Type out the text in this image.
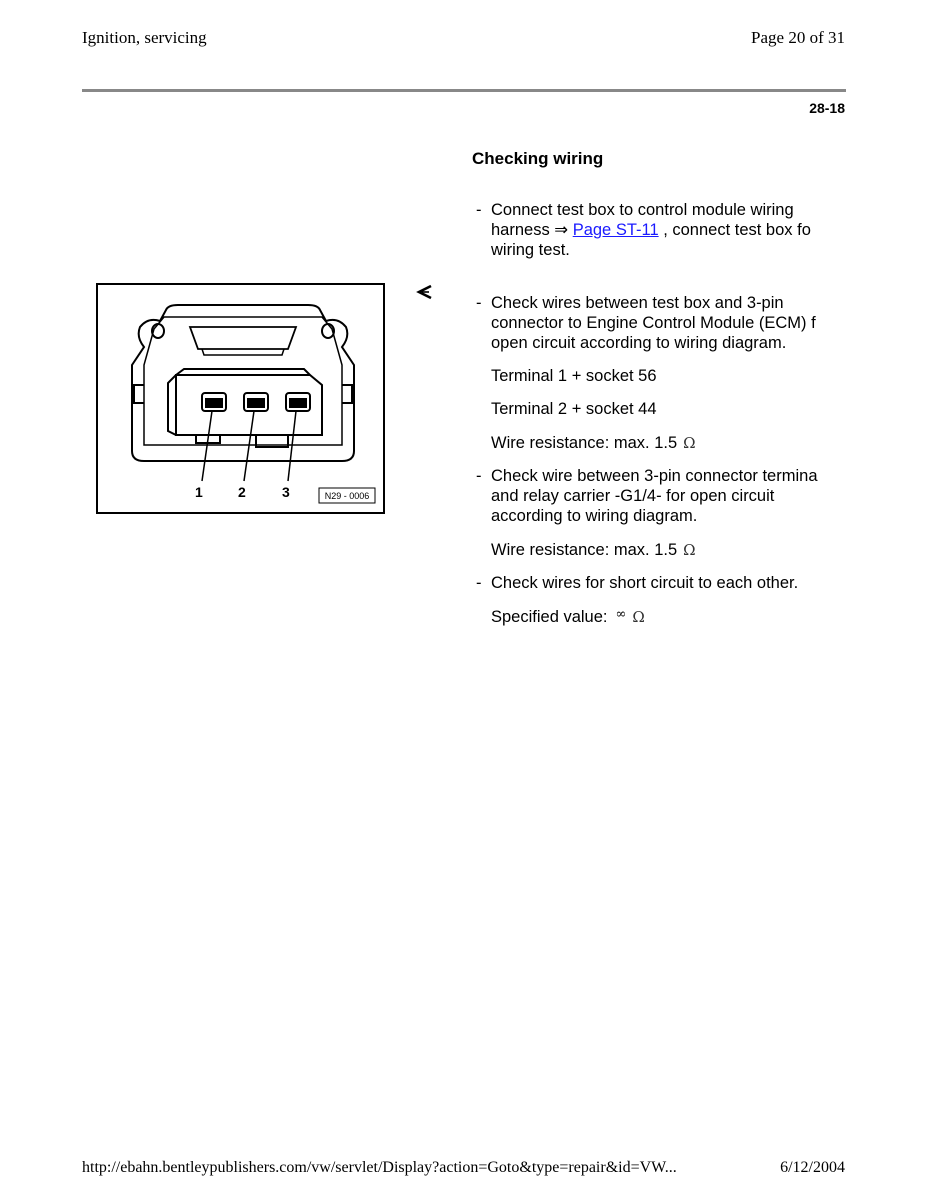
Ignition, servicing	Page 20 of 31
28-18
Checking wiring
1	2	3	N29 - 0006
- Connect test box to control module wiring
harness ⇒ Page ST-11 , connect test box fo
wiring test.
- Check wires between test box and 3-pin
connector to Engine Control Module (ECM) f
open circuit according to wiring diagram.
Terminal 1 + socket 56
Terminal 2 + socket 44
Wire resistance: max. 1.5 Ω
- Check wire between 3-pin connector termina
and relay carrier -G1/4- for open circuit
according to wiring diagram.
Wire resistance: max. 1.5 Ω
- Check wires for short circuit to each other.
Specified value: ∞ Ω
http://ebahn.bentleypublishers.com/vw/servlet/Display?action=Goto&type=repair&id=VW...	6/12/2004
